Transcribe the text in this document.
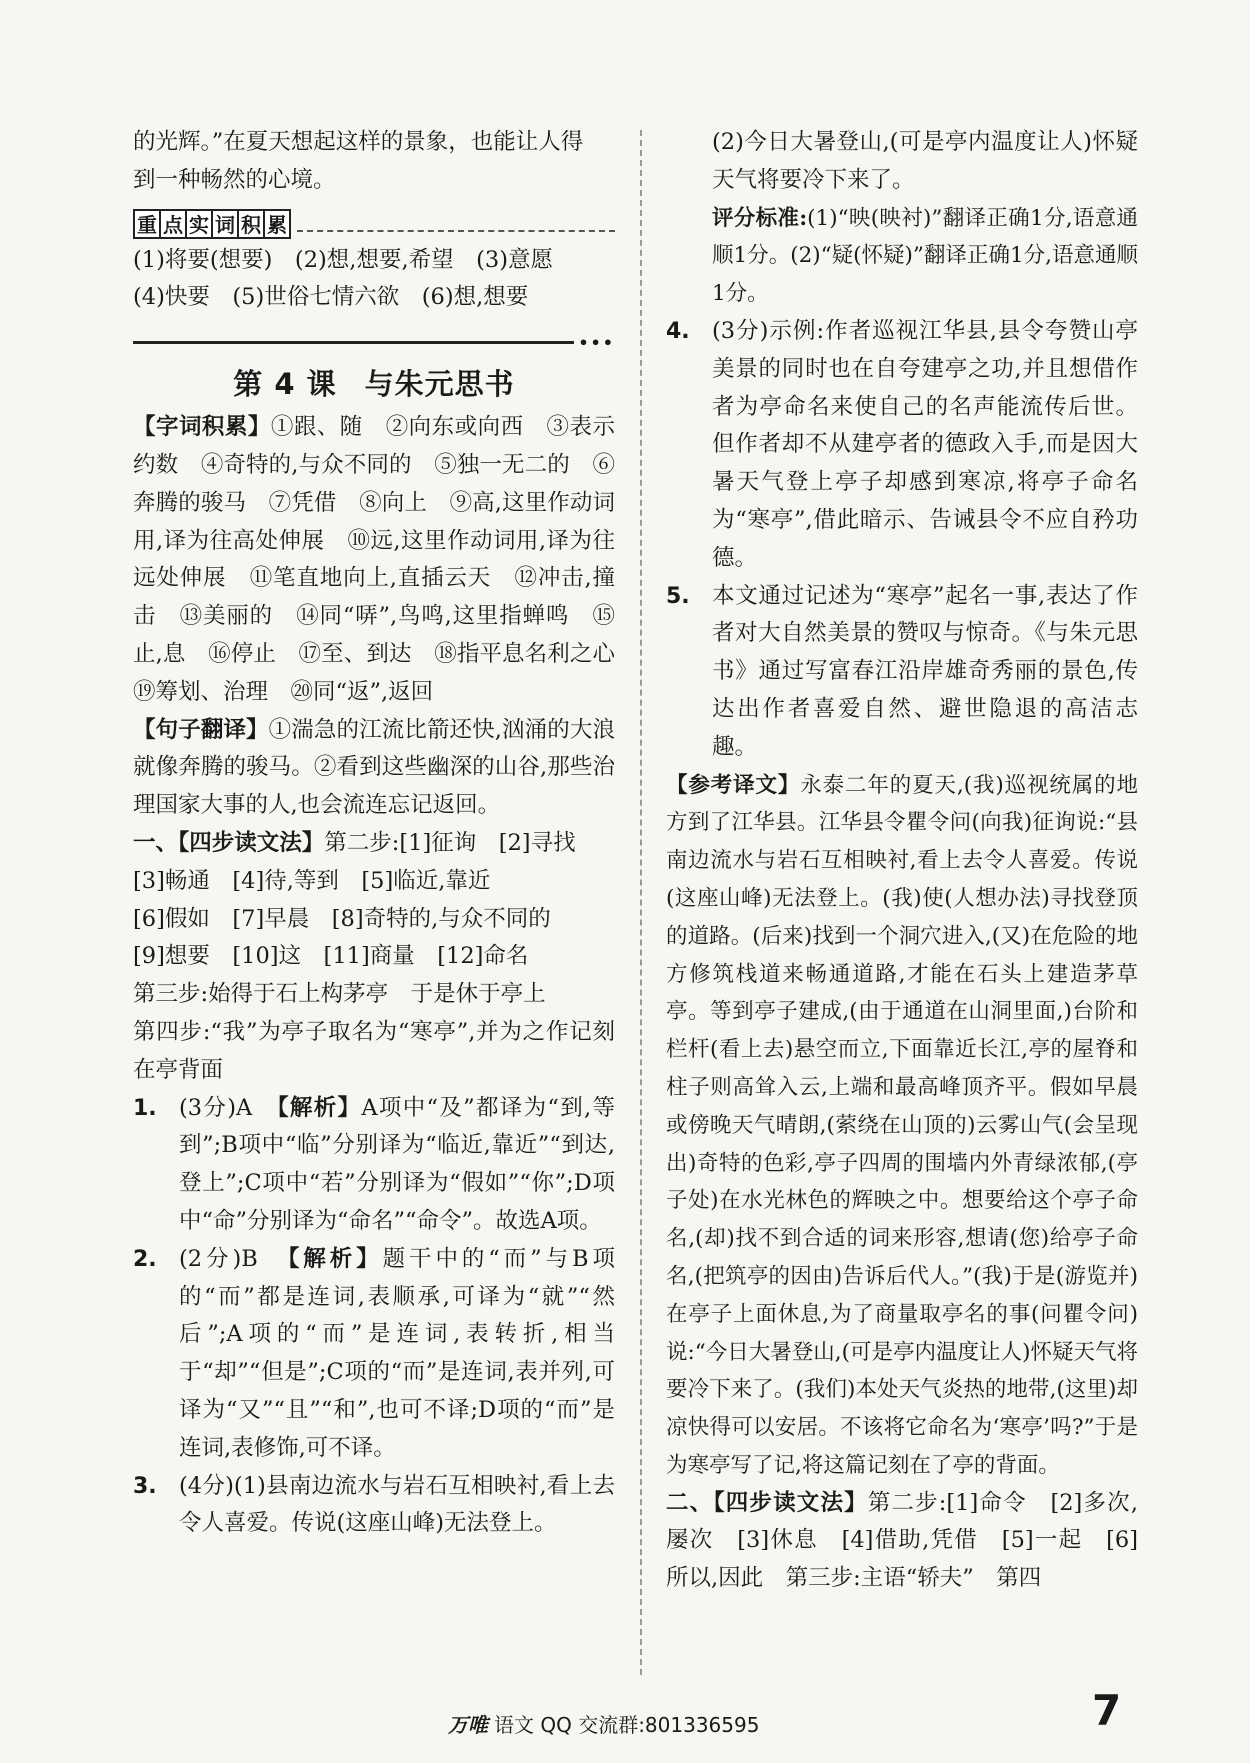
的光辉。”在夏天想起这样的景象，也能让人得
到一种畅然的心境。
重 点 实 词 积 累
(1)将要(想要)　(2)想,想要,希望　(3)意愿
(4)快要　(5)世俗七情六欲　(6)想,想要
•••
第 4 课 与朱元思书
【字词积累】①跟、随　②向东或向西　③表示约数　④奇特的,与众不同的　⑤独一无二的　⑥奔腾的骏马　⑦凭借　⑧向上　⑨高,这里作动词用,译为往高处伸展　⑩远,这里作动词用,译为往远处伸展　⑪笔直地向上,直插云天　⑫冲击,撞击　⑬美丽的　⑭同“哢”,鸟鸣,这里指蝉鸣　⑮止,息　⑯停止　⑰至、到达　⑱指平息名利之心　⑲筹划、治理　⑳同“返”,返回
【句子翻译】①湍急的江流比箭还快,汹涌的大浪就像奔腾的骏马。②看到这些幽深的山谷,那些治理国家大事的人,也会流连忘记返回。
一、【四步读文法】第二步:[1]征询　[2]寻找
[3]畅通　[4]待,等到　[5]临近,靠近
[6]假如　[7]早晨　[8]奇特的,与众不同的
[9]想要　[10]这　[11]商量　[12]命名
第三步:始得于石上构茅亭　于是休于亭上
第四步:“我”为亭子取名为“寒亭”,并为之作记刻在亭背面
1. (3分)A　【解析】A项中“及”都译为“到,等到”;B项中“临”分别译为“临近,靠近”“到达,登上”;C项中“若”分别译为“假如”“你”;D项中“命”分别译为“命名”“命令”。故选A项。
2. (2分)B　【解析】题干中的“而”与B项的“而”都是连词,表顺承,可译为“就”“然后”;A项的“而”是连词,表转折,相当于“却”“但是”;C项的“而”是连词,表并列,可译为“又”“且”“和”,也可不译;D项的“而”是连词,表修饰,可不译。
3. (4分)(1)县南边流水与岩石互相映衬,看上去令人喜爱。传说(这座山峰)无法登上。
(2)今日大暑登山,(可是亭内温度让人)怀疑天气将要冷下来了。
评分标准:(1)“映(映衬)”翻译正确1分,语意通顺1分。(2)“疑(怀疑)”翻译正确1分,语意通顺1分。
4. (3分)示例:作者巡视江华县,县令夸赞山亭美景的同时也在自夸建亭之功,并且想借作者为亭命名来使自己的名声能流传后世。但作者却不从建亭者的德政入手,而是因大暑天气登上亭子却感到寒凉,将亭子命名为“寒亭”,借此暗示、告诫县令不应自矜功德。
5. 本文通过记述为“寒亭”起名一事,表达了作者对大自然美景的赞叹与惊奇。《与朱元思书》通过写富春江沿岸雄奇秀丽的景色,传达出作者喜爱自然、避世隐退的高洁志趣。
【参考译文】永泰二年的夏天,(我)巡视统属的地方到了江华县。江华县令瞿令问(向我)征询说:“县南边流水与岩石互相映衬,看上去令人喜爱。传说(这座山峰)无法登上。(我)使(人想办法)寻找登顶的道路。(后来)找到一个洞穴进入,(又)在危险的地方修筑栈道来畅通道路,才能在石头上建造茅草亭。等到亭子建成,(由于通道在山洞里面,)台阶和栏杆(看上去)悬空而立,下面靠近长江,亭的屋脊和柱子则高耸入云,上端和最高峰顶齐平。假如早晨或傍晚天气晴朗,(萦绕在山顶的)云雾山气(会呈现出)奇特的色彩,亭子四周的围墙内外青绿浓郁,(亭子处)在水光林色的辉映之中。想要给这个亭子命名,(却)找不到合适的词来形容,想请(您)给亭子命名,(把筑亭的因由)告诉后代人。”(我)于是(游览并)在亭子上面休息,为了商量取亭名的事(问瞿令问)说:“今日大暑登山,(可是亭内温度让人)怀疑天气将要冷下来了。(我们)本处天气炎热的地带,(这里)却凉快得可以安居。不该将它命名为‘寒亭’吗?”于是为寒亭写了记,将这篇记刻在了亭的背面。
二、【四步读文法】第二步:[1]命令　[2]多次,屡次　[3]休息　[4]借助,凭借　[5]一起　[6]所以,因此　第三步:主语“轿夫”　第四
万唯 语文 QQ 交流群:801336595	7
